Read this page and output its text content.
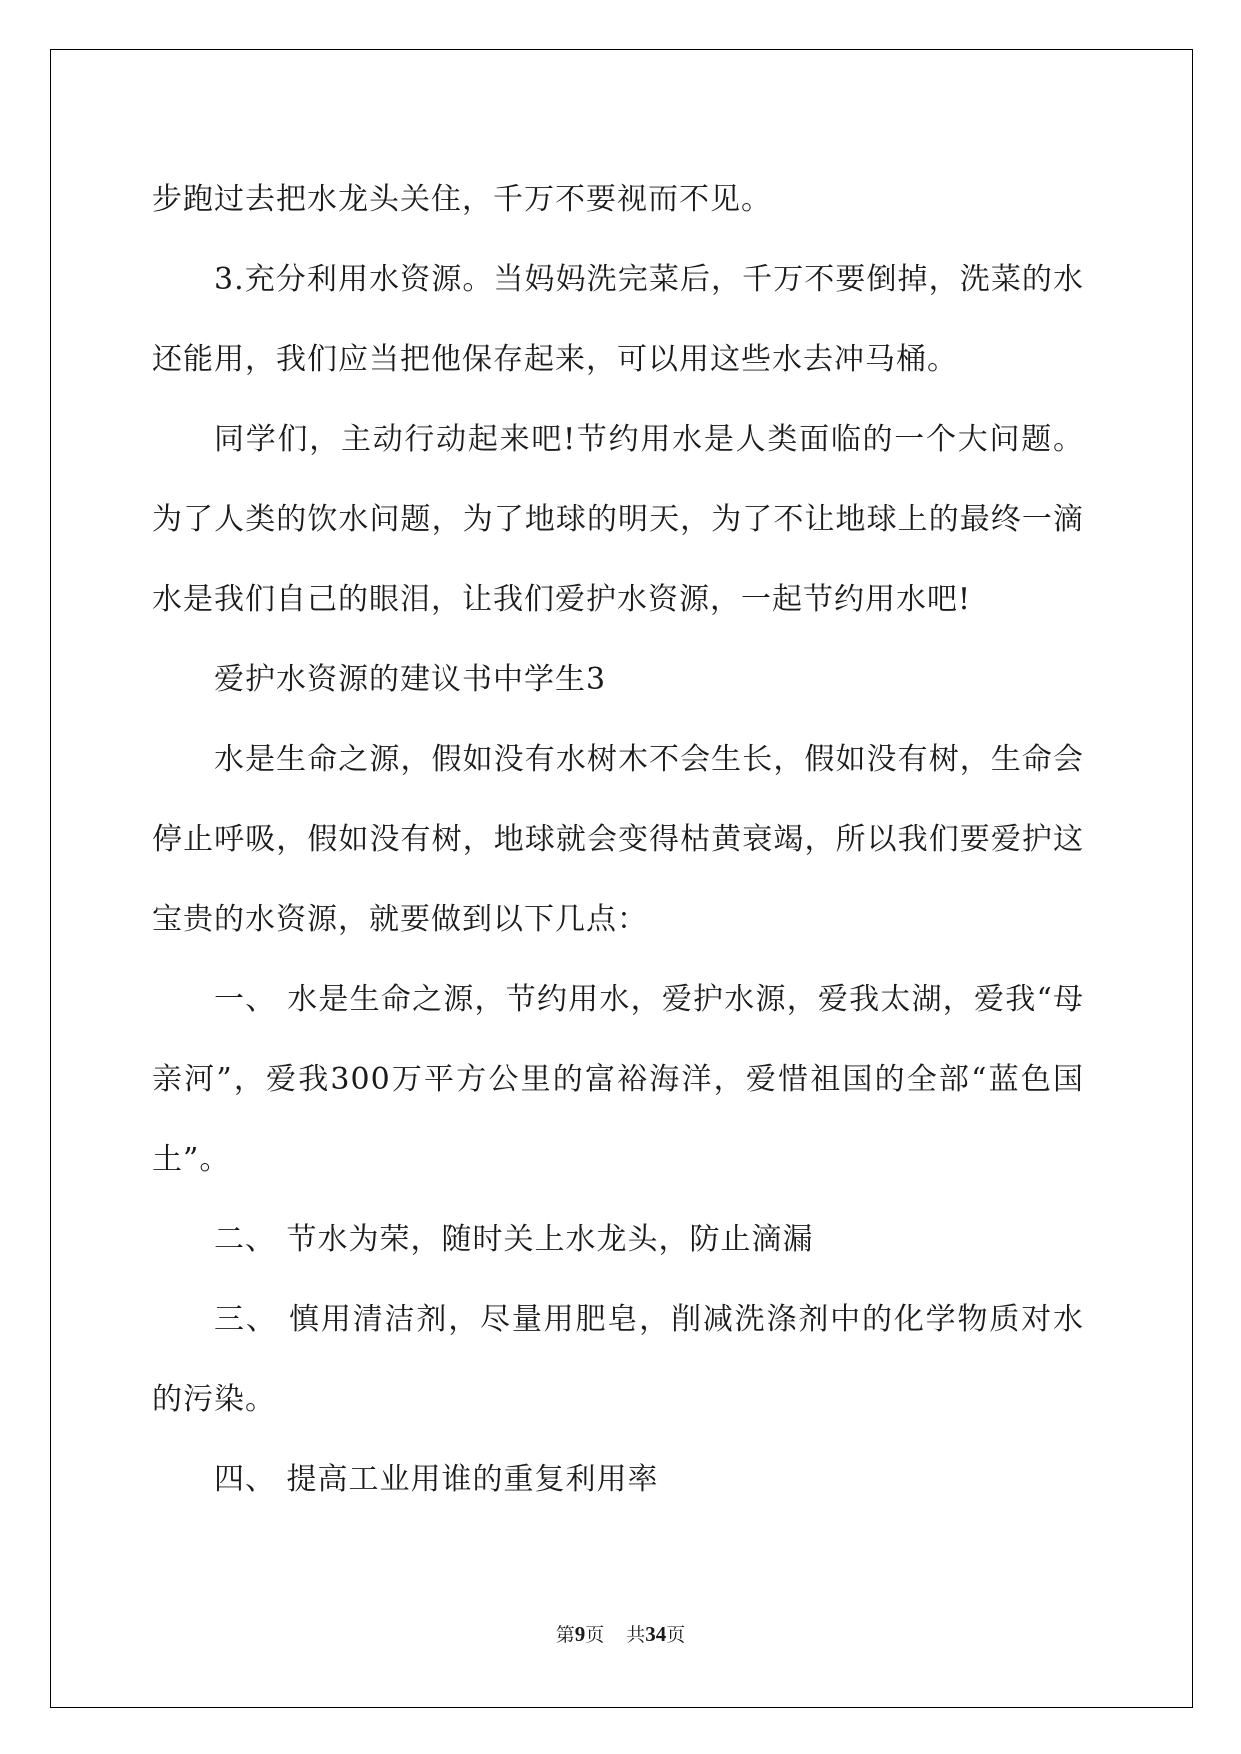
步跑过去把水龙头关住，千万不要视而不见。

3.充分利用水资源。当妈妈洗完菜后，千万不要倒掉，洗菜的水还能用，我们应当把他保存起来，可以用这些水去冲马桶。

同学们，主动行动起来吧!节约用水是人类面临的一个大问题。为了人类的饮水问题，为了地球的明天，为了不让地球上的最终一滴水是我们自己的眼泪，让我们爱护水资源，一起节约用水吧!

爱护水资源的建议书中学生3

水是生命之源，假如没有水树木不会生长，假如没有树，生命会停止呼吸，假如没有树，地球就会变得枯黄衰竭，所以我们要爱护这宝贵的水资源，就要做到以下几点：

一、 水是生命之源，节约用水，爱护水源，爱我太湖，爱我“母亲河”，爱我300万平方公里的富裕海洋，爱惜祖国的全部“蓝色国土”。

二、 节水为荣，随时关上水龙头，防止滴漏

三、 慎用清洁剂，尽量用肥皂，削减洗涤剂中的化学物质对水的污染。

四、 提高工业用谁的重复利用率

第9页 共34页
